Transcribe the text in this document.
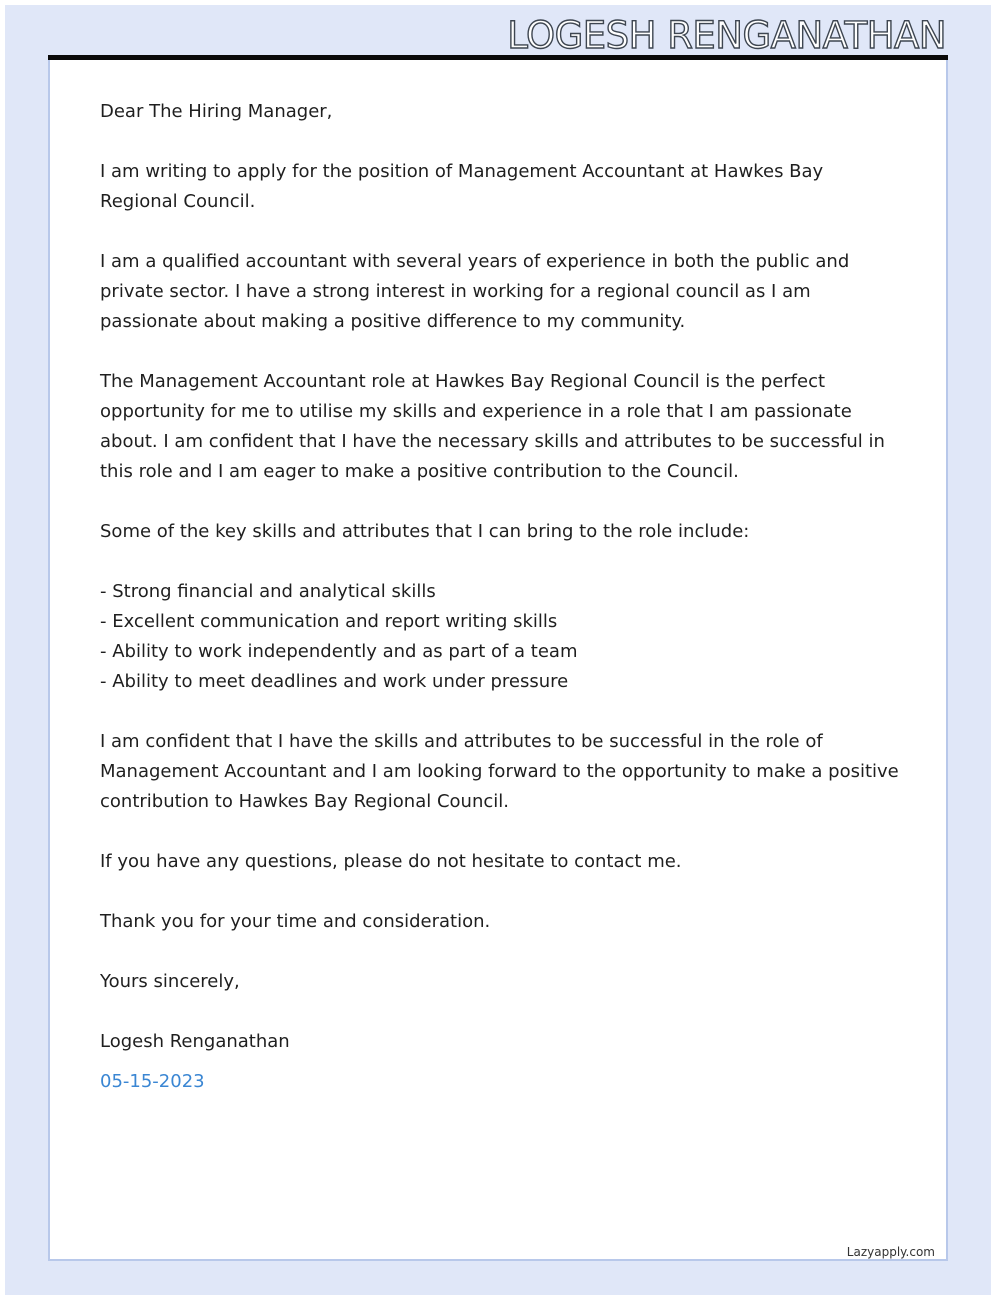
LOGESH RENGANATHAN

Dear The Hiring Manager,

I am writing to apply for the position of Management Accountant at Hawkes Bay Regional Council.

I am a qualified accountant with several years of experience in both the public and private sector. I have a strong interest in working for a regional council as I am passionate about making a positive difference to my community.

The Management Accountant role at Hawkes Bay Regional Council is the perfect opportunity for me to utilise my skills and experience in a role that I am passionate about. I am confident that I have the necessary skills and attributes to be successful in this role and I am eager to make a positive contribution to the Council.

Some of the key skills and attributes that I can bring to the role include:

- Strong financial and analytical skills
- Excellent communication and report writing skills
- Ability to work independently and as part of a team
- Ability to meet deadlines and work under pressure

I am confident that I have the skills and attributes to be successful in the role of Management Accountant and I am looking forward to the opportunity to make a positive contribution to Hawkes Bay Regional Council.

If you have any questions, please do not hesitate to contact me.

Thank you for your time and consideration.

Yours sincerely,

Logesh Renganathan

05-15-2023

Lazyapply.com
